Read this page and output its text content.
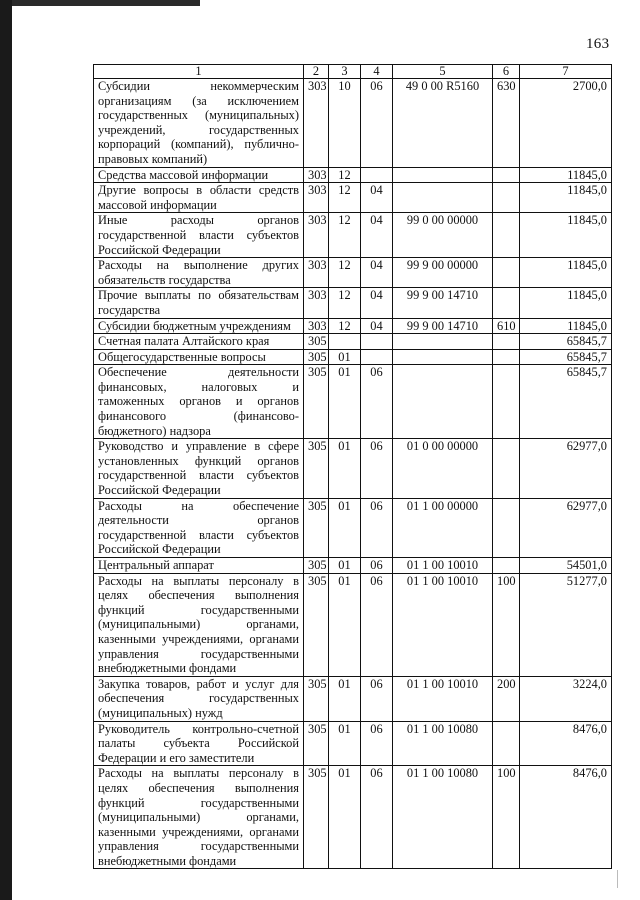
163
1	2	3	4	5	6	7
Субсидии некоммерческим организациям (за исключением государственных (муниципальных) учреждений, государственных корпораций (компаний), публично-правовых компаний)	303	10	06	49 0 00 R5160	630	2700,0
Средства массовой информации	303	12				11845,0
Другие вопросы в области средств массовой информации	303	12	04			11845,0
Иные расходы органов государственной власти субъектов Российской Федерации	303	12	04	99 0 00 00000		11845,0
Расходы на выполнение других обязательств государства	303	12	04	99 9 00 00000		11845,0
Прочие выплаты по обязательствам государства	303	12	04	99 9 00 14710		11845,0
Субсидии бюджетным учреждениям	303	12	04	99 9 00 14710	610	11845,0
Счетная палата Алтайского края	305					65845,7
Общегосударственные вопросы	305	01				65845,7
Обеспечение деятельности финансовых, налоговых и таможенных органов и органов финансового (финансово-бюджетного) надзора	305	01	06			65845,7
Руководство и управление в сфере установленных функций органов государственной власти субъектов Российской Федерации	305	01	06	01 0 00 00000		62977,0
Расходы на обеспечение деятельности органов государственной власти субъектов Российской Федерации	305	01	06	01 1 00 00000		62977,0
Центральный аппарат	305	01	06	01 1 00 10010		54501,0
Расходы на выплаты персоналу в целях обеспечения выполнения функций государственными (муниципальными) органами, казенными учреждениями, органами управления государственными внебюджетными фондами	305	01	06	01 1 00 10010	100	51277,0
Закупка товаров, работ и услуг для обеспечения государственных (муниципальных) нужд	305	01	06	01 1 00 10010	200	3224,0
Руководитель контрольно-счетной палаты субъекта Российской Федерации и его заместители	305	01	06	01 1 00 10080		8476,0
Расходы на выплаты персоналу в целях обеспечения выполнения функций государственными (муниципальными) органами, казенными учреждениями, органами управления государственными внебюджетными фондами	305	01	06	01 1 00 10080	100	8476,0
